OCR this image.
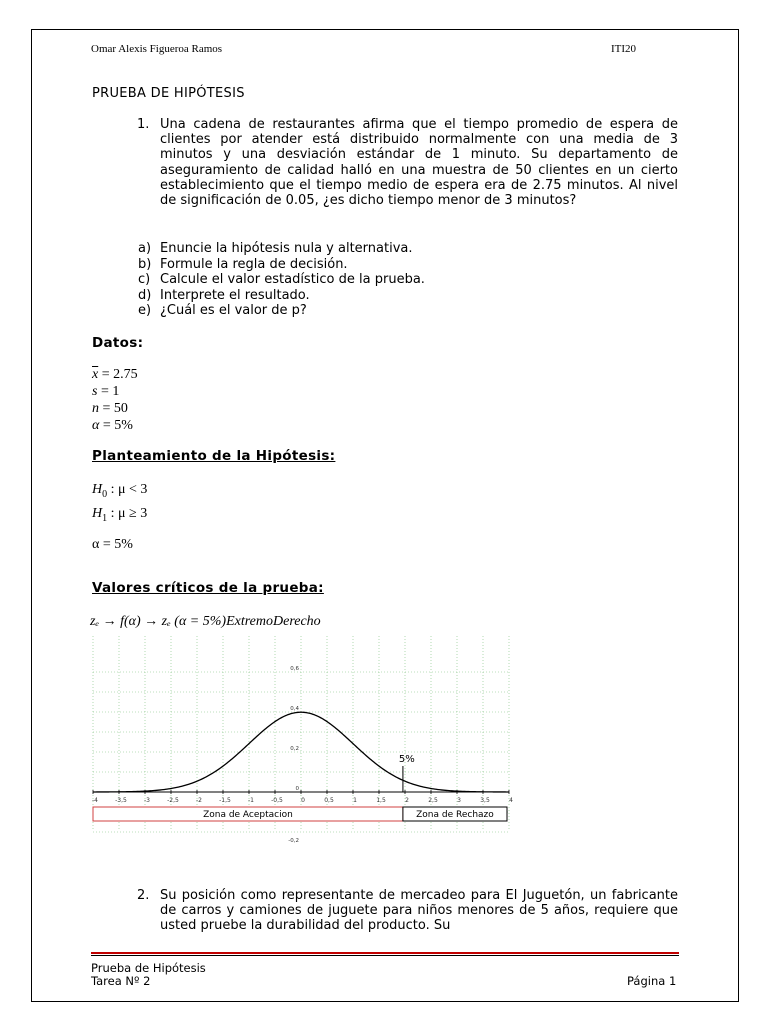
Omar Alexis Figueroa Ramos	ITI20
PRUEBA DE HIPÓTESIS
1. Una cadena de restaurantes afirma que el tiempo promedio de espera de clientes por atender está distribuido normalmente con una media de 3 minutos y una desviación estándar de 1 minuto. Su departamento de aseguramiento de calidad halló en una muestra de 50 clientes en un cierto establecimiento que el tiempo medio de espera era de 2.75 minutos. Al nivel de significación de 0.05, ¿es dicho tiempo menor de 3 minutos?
a) Enuncie la hipótesis nula y alternativa.
b) Formule la regla de decisión.
c) Calcule el valor estadístico de la prueba.
d) Interprete el resultado.
e) ¿Cuál es el valor de p?
Datos:
$\overline{x} = 2.75$
s = 1
n = 50
α = 5%
Planteamiento de la Hipótesis:
$H_0$ : μ < 3
$H_1$ : μ ≥ 3
α = 5%
Valores críticos de la prueba:
zₑ → f(α) → zₑ (α = 5%)ExtremoDerecho
-4	-3,5	-3	-2,5	-2	-1,5	-1	-0,5	0	0,5	1	1,5	2	2,5	3	3,5	4
0,6
0,4
0,2
0
-0,2
5%
Zona de Aceptacion	Zona de Rechazo
2. Su posición como representante de mercadeo para El Juguetón, un fabricante de carros y camiones de juguete para niños menores de 5 años, requiere que usted pruebe la durabilidad del producto. Su
Prueba de Hipótesis
Tarea Nº 2	Página 1
